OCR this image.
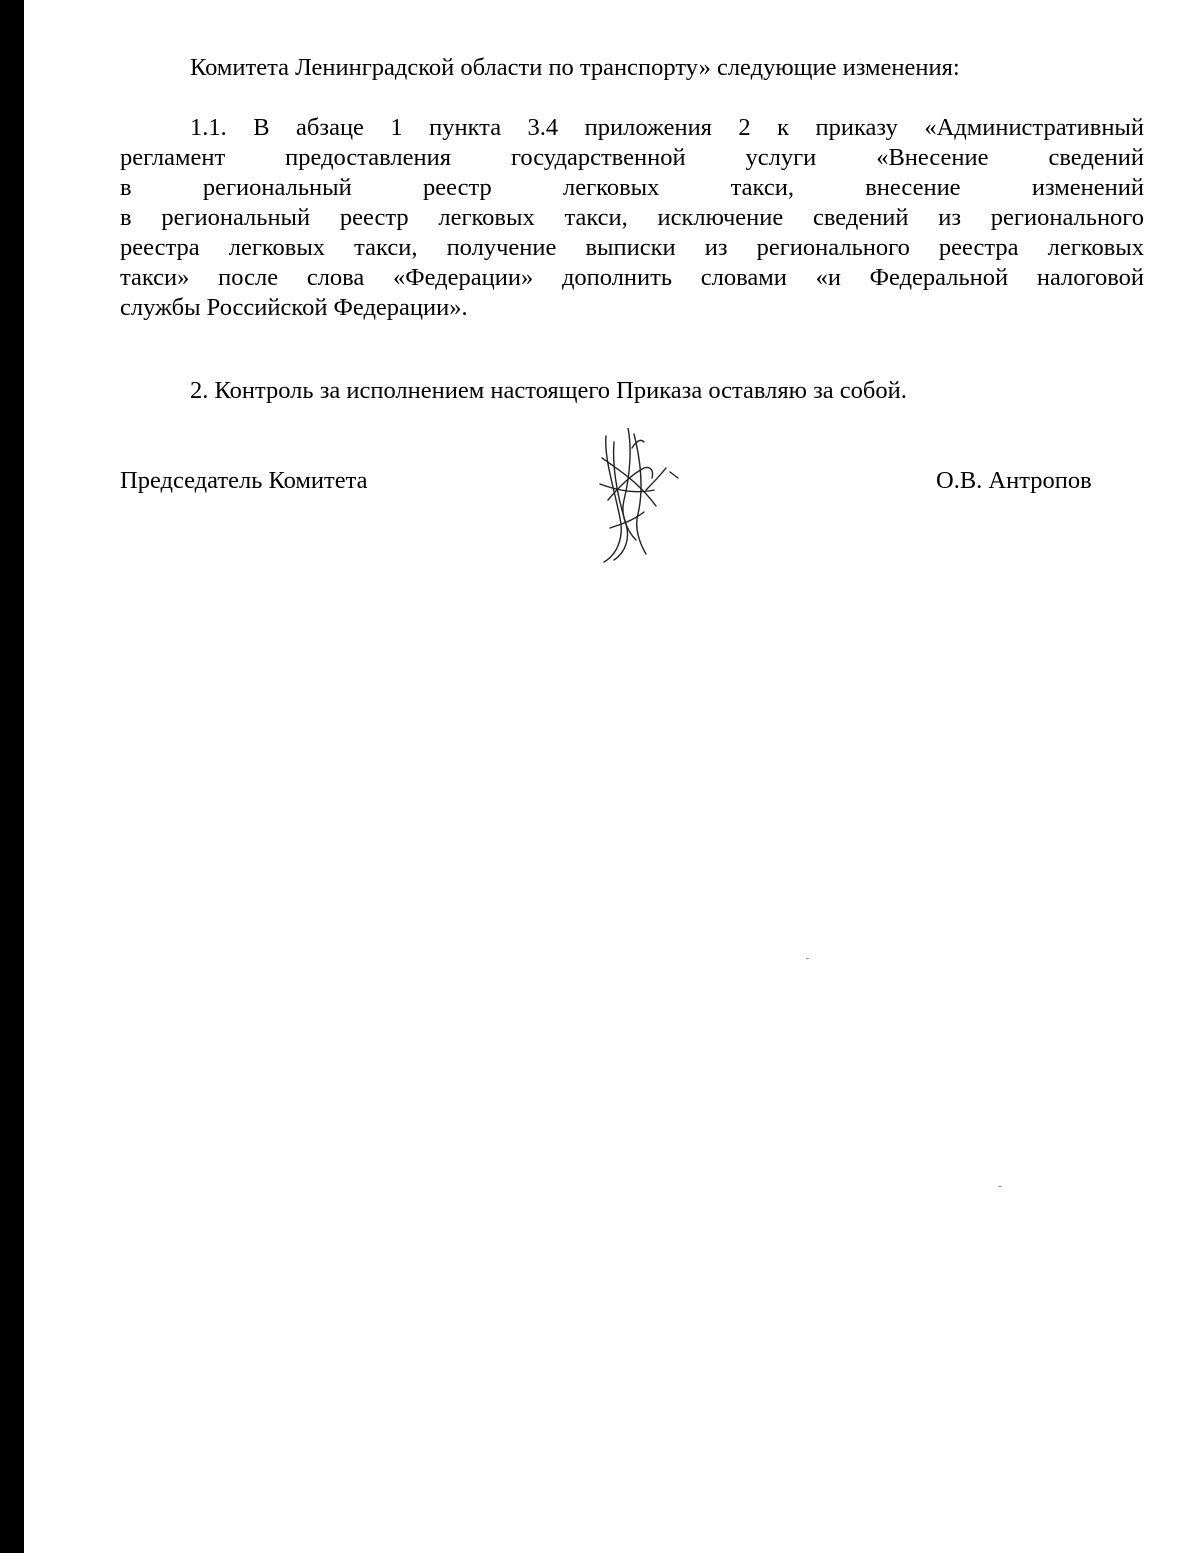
Комитета Ленинградской области по транспорту» следующие изменения:
1.1. В абзаце 1 пункта 3.4 приложения 2 к приказу «Административный
регламент предоставления государственной услуги «Внесение сведений
в региональный реестр легковых такси, внесение изменений
в региональный реестр легковых такси, исключение сведений из регионального
реестра легковых такси, получение выписки из регионального реестра легковых
такси» после слова «Федерации» дополнить словами «и Федеральной налоговой
службы Российской Федерации».
2. Контроль за исполнением настоящего Приказа оставляю за собой.
Председатель Комитета	О.В. Антропов
